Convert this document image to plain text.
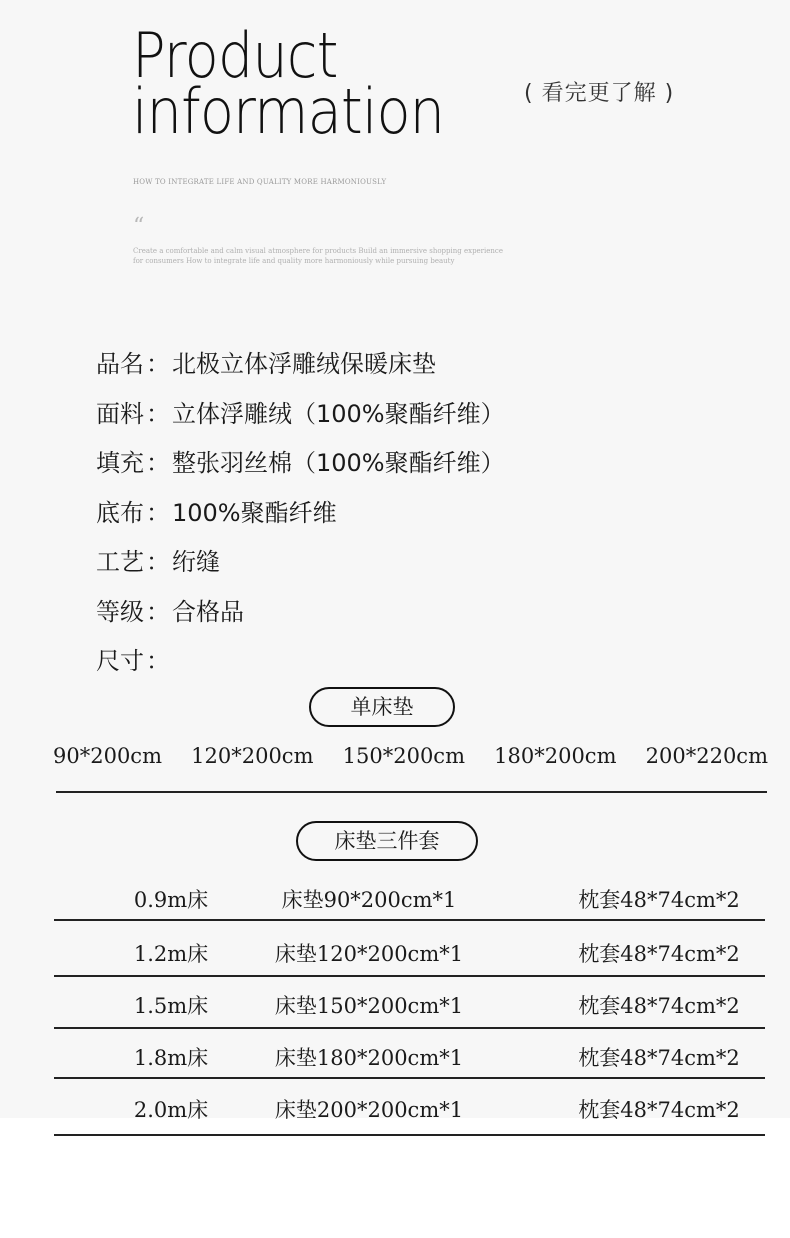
Product
information	( 看完更了解 )
HOW TO INTEGRATE LIFE AND QUALITY MORE HARMONIOUSLY
“
Create a comfortable and calm visual atmosphere for products Build an immersive shopping experience for consumers How to integrate life and quality more harmoniously while pursuing beauty
品名：北极立体浮雕绒保暖床垫
面料：立体浮雕绒（100%聚酯纤维）
填充：整张羽丝棉（100%聚酯纤维）
底布：100%聚酯纤维
工艺：绗缝
等级：合格品
尺寸：
单床垫
90*200cm 120*200cm 150*200cm 180*200cm 200*220cm
床垫三件套
0.9m床	床垫90*200cm*1	枕套48*74cm*2
1.2m床	床垫120*200cm*1	枕套48*74cm*2
1.5m床	床垫150*200cm*1	枕套48*74cm*2
1.8m床	床垫180*200cm*1	枕套48*74cm*2
2.0m床	床垫200*200cm*1	枕套48*74cm*2
